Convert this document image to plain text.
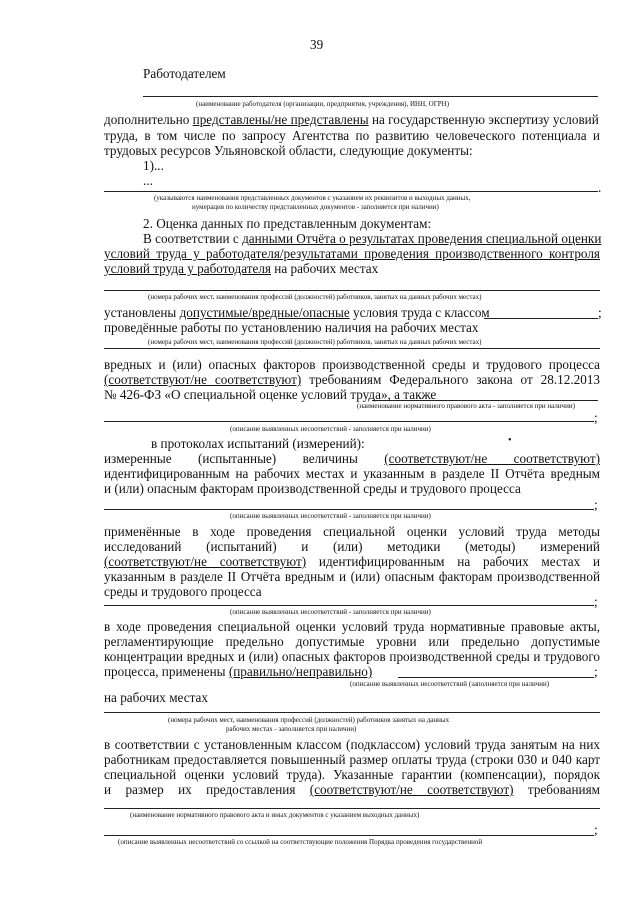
39
Работодателем
(наименование работодателя (организации, предприятия, учреждения), ИНН, ОГРН)
дополнительно представлены/не представлены на государственную экспертизу условий
труда, в том числе по запросу Агентства по развитию человеческого потенциала и
трудовых ресурсов Ульяновской области, следующие документы:
1)...
...	.
(указываются наименования представленных документов с указанием их реквизитов и выходных данных,
нумерация по количеству представленных документов - заполняется при наличии)
2. Оценка данных по представленным документам:
В соответствии с данными Отчёта о результатах проведения специальной оценки
условий труда у работодателя/результатами проведения производственного контроля
условий труда у работодателя на рабочих местах
(номера рабочих мест, наименования профессий (должностей) работников, занятых на данных рабочих местах)
установлены допустимые/вредные/опасные условия труда с классом	;
проведённые работы по установлению наличия на рабочих местах
(номера рабочих мест, наименования профессий (должностей) работников, занятых на данных рабочих местах)
вредных и (или) опасных факторов производственной среды и трудового процесса
(соответствуют/не соответствуют) требованиям Федерального закона от 28.12.2013
№ 426-ФЗ «О специальной оценке условий труда», а также
(наименование нормативного правового акта - заполняется при наличии)
;
(описание выявленных несоответствий - заполняется при наличии)
в протоколах испытаний (измерений):	•
измеренные (испытанные) величины (соответствуют/не соответствуют)
идентифицированным на рабочих местах и указанным в разделе II Отчёта вредным
и (или) опасным факторам производственной среды и трудового процесса
;
(описание выявленных несоответствий - заполняется при наличии)
применённые в ходе проведения специальной оценки условий труда методы
исследований (испытаний) и (или) методики (методы) измерений
(соответствуют/не соответствуют) идентифицированным на рабочих местах и
указанным в разделе II Отчёта вредным и (или) опасным факторам производственной
среды и трудового процесса
;
(описание выявленных несоответствий - заполняется при наличии)
в ходе проведения специальной оценки условий труда нормативные правовые акты,
регламентирующие предельно допустимые уровни или предельно допустимые
концентрации вредных и (или) опасных факторов производственной среды и трудового
процесса, применены (правильно/неправильно)	;
(описание выявленных несоответствий (заполняется при наличии)
на рабочих местах
(номера рабочих мест, наименования профессий (должностей) работников занятых на данных
рабочих местах - заполняется при наличии)
в соответствии с установленным классом (подклассом) условий труда занятым на них
работникам предоставляется повышенный размер оплаты труда (строки 030 и 040 карт
специальной оценки условий труда). Указанные гарантии (компенсации), порядок
и размер их предоставления (соответствуют/не соответствуют) требованиям
(наименование нормативного правового акта и иных документов с указанием выходных данных)
;
(описание выявленных несоответствий со ссылкой на соответствующие положения Порядка проведения государственной
